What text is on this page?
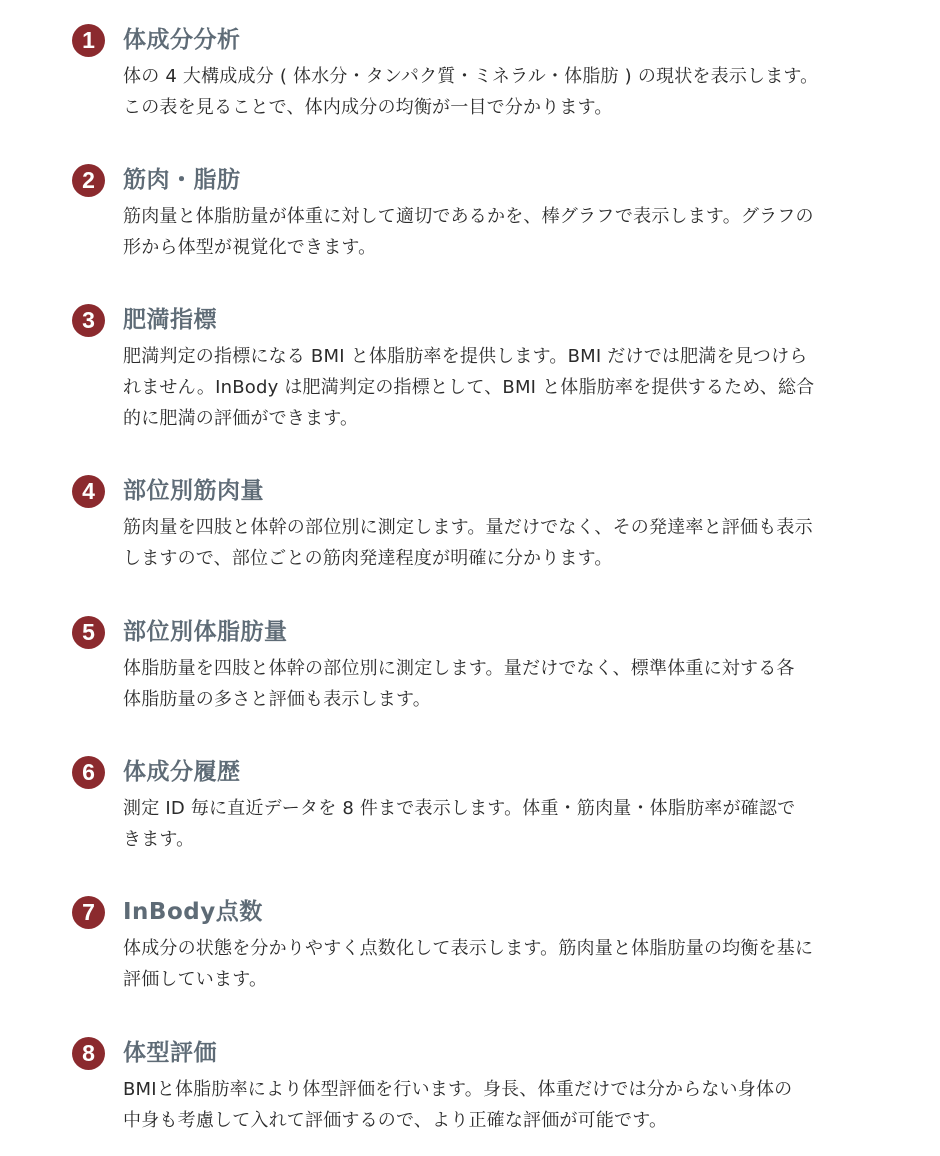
1	体成分分析
体の 4 大構成成分 ( 体水分・タンパク質・ミネラル・体脂肪 ) の現状を表示します。
この表を見ることで、体内成分の均衡が一目で分かります。
2	筋肉・脂肪
筋肉量と体脂肪量が体重に対して適切であるかを、棒グラフで表示します。グラフの
形から体型が視覚化できます。
3	肥満指標
肥満判定の指標になる BMI と体脂肪率を提供します。BMI だけでは肥満を見つけら
れません。InBody は肥満判定の指標として、BMI と体脂肪率を提供するため、総合
的に肥満の評価ができます。
4	部位別筋肉量
筋肉量を四肢と体幹の部位別に測定します。量だけでなく、その発達率と評価も表示
しますので、部位ごとの筋肉発達程度が明確に分かります。
5	部位別体脂肪量
体脂肪量を四肢と体幹の部位別に測定します。量だけでなく、標準体重に対する各
体脂肪量の多さと評価も表示します。
6	体成分履歴
測定 ID 毎に直近データを 8 件まで表示します。体重・筋肉量・体脂肪率が確認で
きます。
7	InBody点数
体成分の状態を分かりやすく点数化して表示します。筋肉量と体脂肪量の均衡を基に
評価しています。
8	体型評価
BMIと体脂肪率により体型評価を行います。身長、体重だけでは分からない身体の
中身も考慮して入れて評価するので、より正確な評価が可能です。
